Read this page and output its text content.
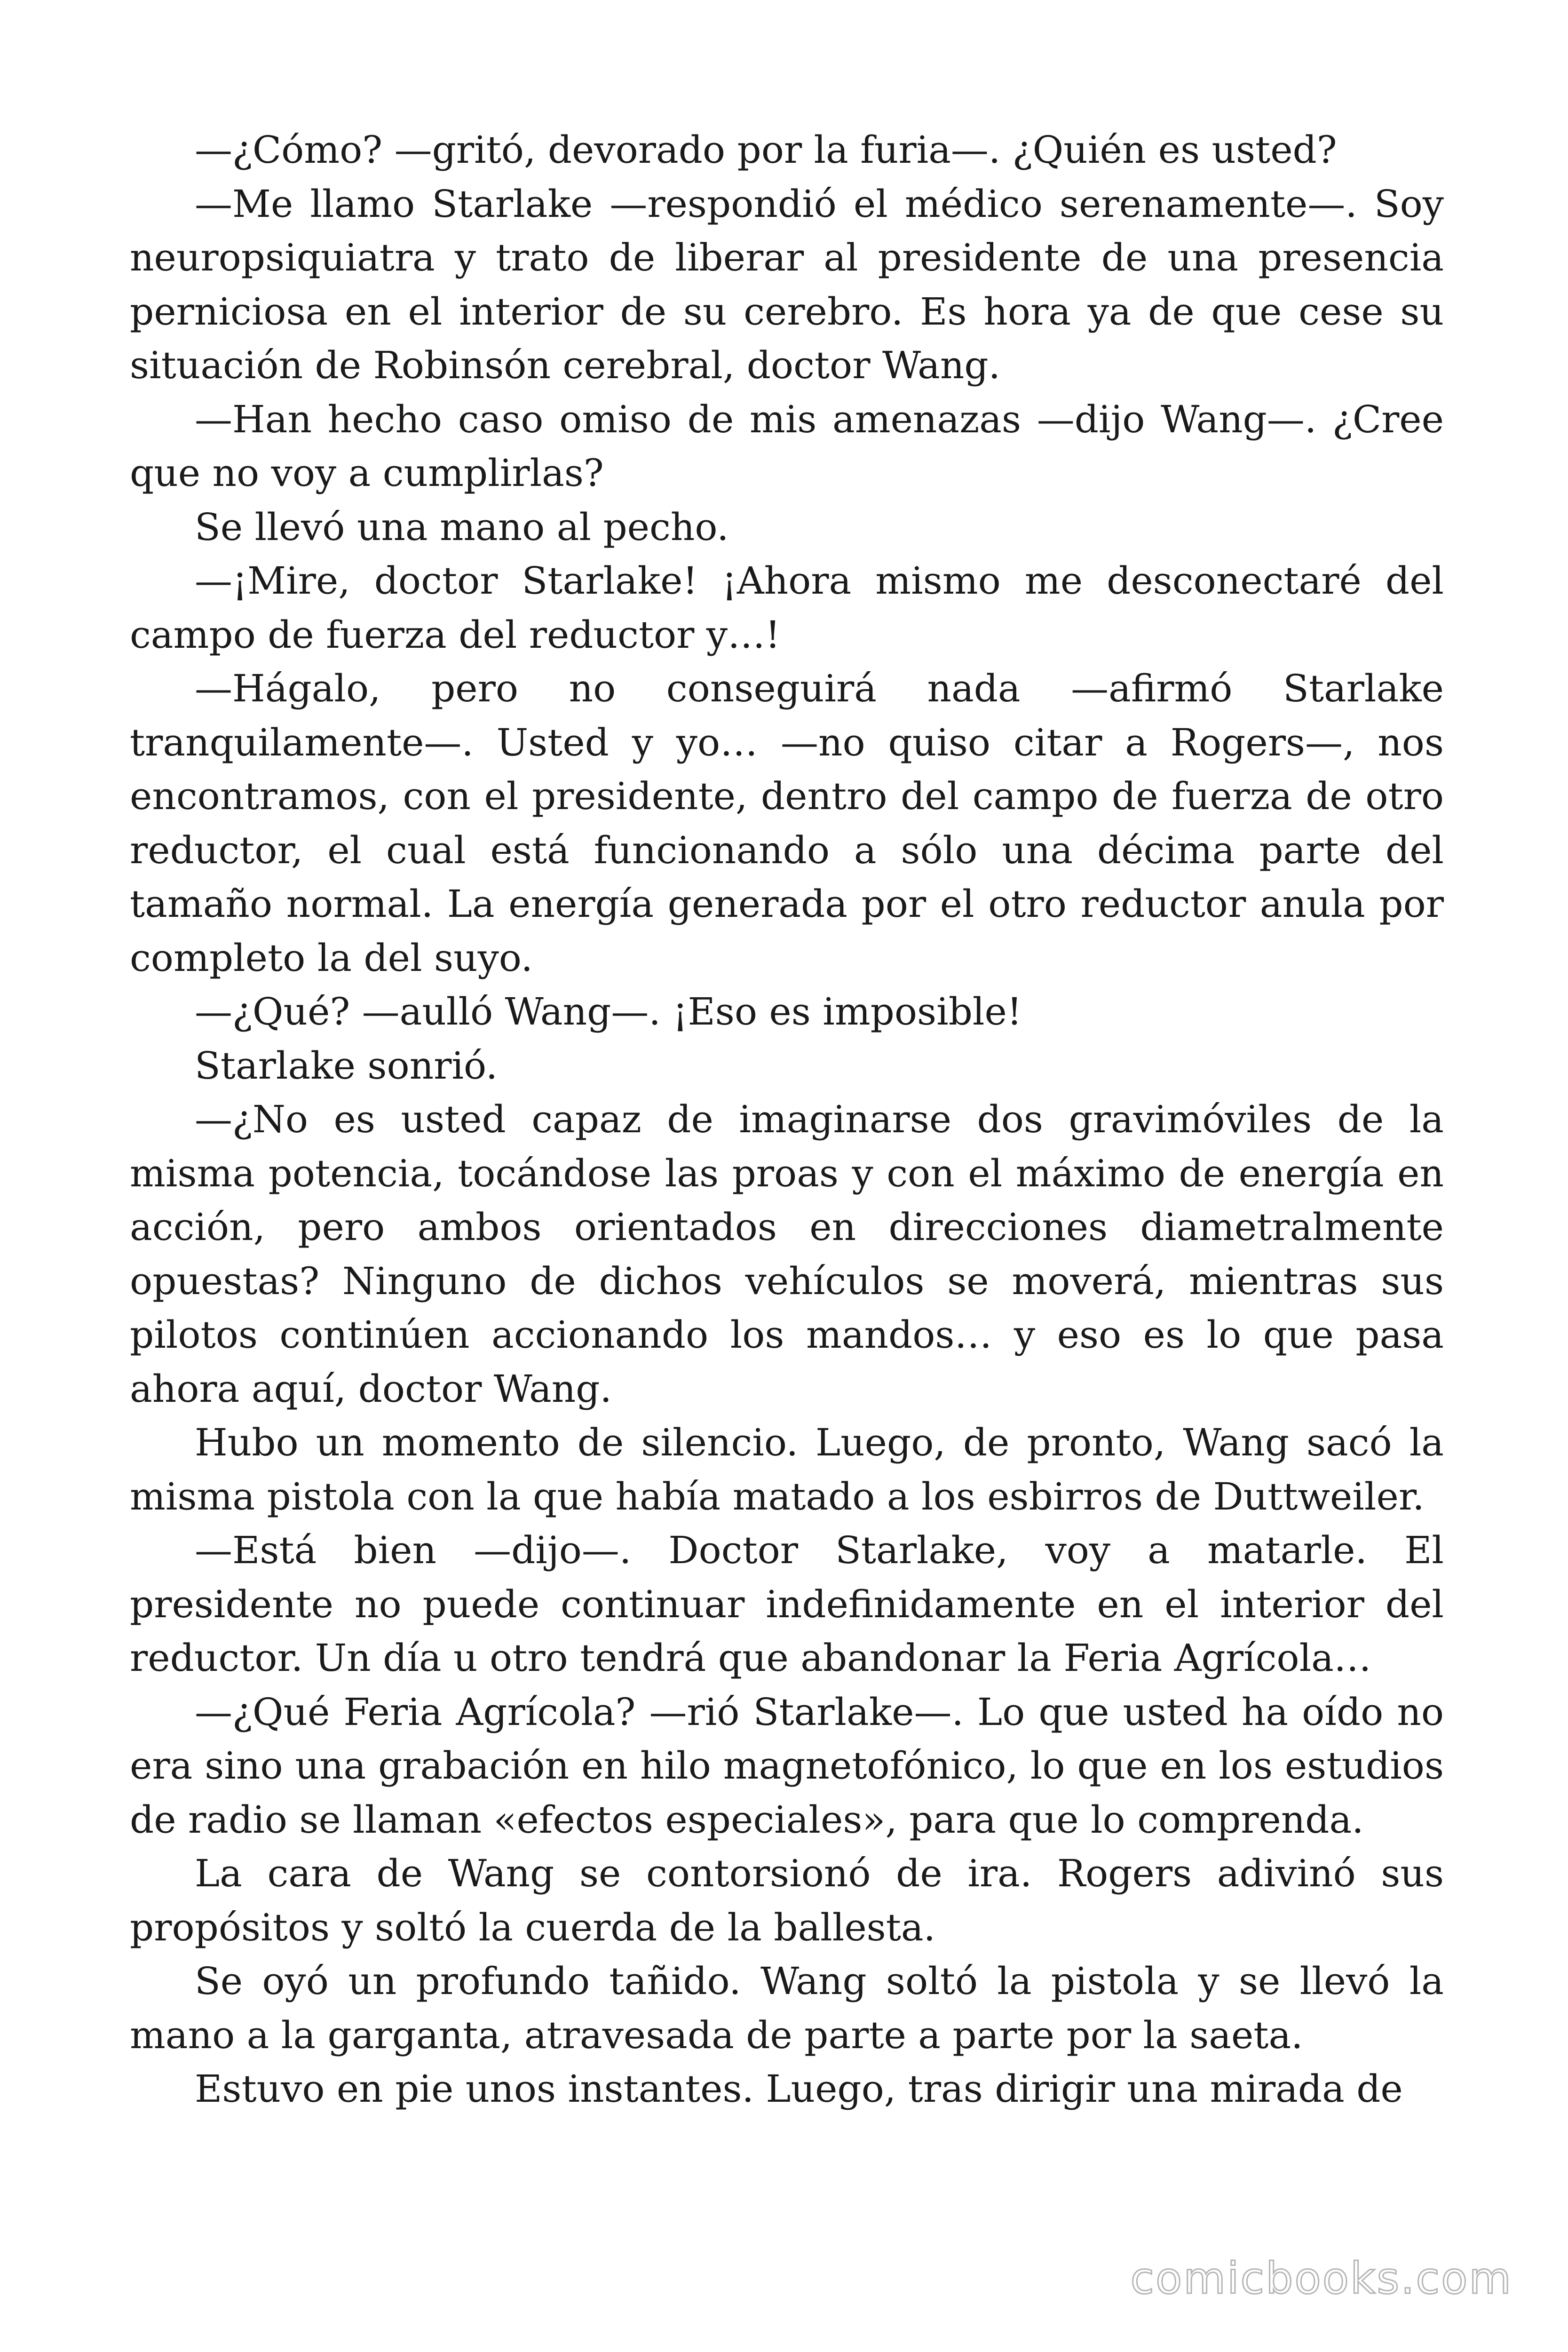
—¿Cómo? —gritó, devorado por la furia—. ¿Quién es usted?

—Me llamo Starlake —respondió el médico serenamente—. Soy neuropsiquiatra y trato de liberar al presidente de una presencia perniciosa en el interior de su cerebro. Es hora ya de que cese su situación de Robinsón cerebral, doctor Wang.

—Han hecho caso omiso de mis amenazas —dijo Wang—. ¿Cree que no voy a cumplirlas?

Se llevó una mano al pecho.

—¡Mire, doctor Starlake! ¡Ahora mismo me desconectaré del campo de fuerza del reductor y…!

—Hágalo, pero no conseguirá nada —afirmó Starlake tranquilamente—. Usted y yo… —no quiso citar a Rogers—, nos encontramos, con el presidente, dentro del campo de fuerza de otro reductor, el cual está funcionando a sólo una décima parte del tamaño normal. La energía generada por el otro reductor anula por completo la del suyo.

—¿Qué? —aulló Wang—. ¡Eso es imposible!

Starlake sonrió.

—¿No es usted capaz de imaginarse dos gravimóviles de la misma potencia, tocándose las proas y con el máximo de energía en acción, pero ambos orientados en direcciones diametralmente opuestas? Ninguno de dichos vehículos se moverá, mientras sus pilotos continúen accionando los mandos… y eso es lo que pasa ahora aquí, doctor Wang.

Hubo un momento de silencio. Luego, de pronto, Wang sacó la misma pistola con la que había matado a los esbirros de Duttweiler.

—Está bien —dijo—. Doctor Starlake, voy a matarle. El presidente no puede continuar indefinidamente en el interior del reductor. Un día u otro tendrá que abandonar la Feria Agrícola…

—¿Qué Feria Agrícola? —rió Starlake—. Lo que usted ha oído no era sino una grabación en hilo magnetofónico, lo que en los estudios de radio se llaman «efectos especiales», para que lo comprenda.

La cara de Wang se contorsionó de ira. Rogers adivinó sus propósitos y soltó la cuerda de la ballesta.

Se oyó un profundo tañido. Wang soltó la pistola y se llevó la mano a la garganta, atravesada de parte a parte por la saeta.

Estuvo en pie unos instantes. Luego, tras dirigir una mirada de

comicbooks.com
